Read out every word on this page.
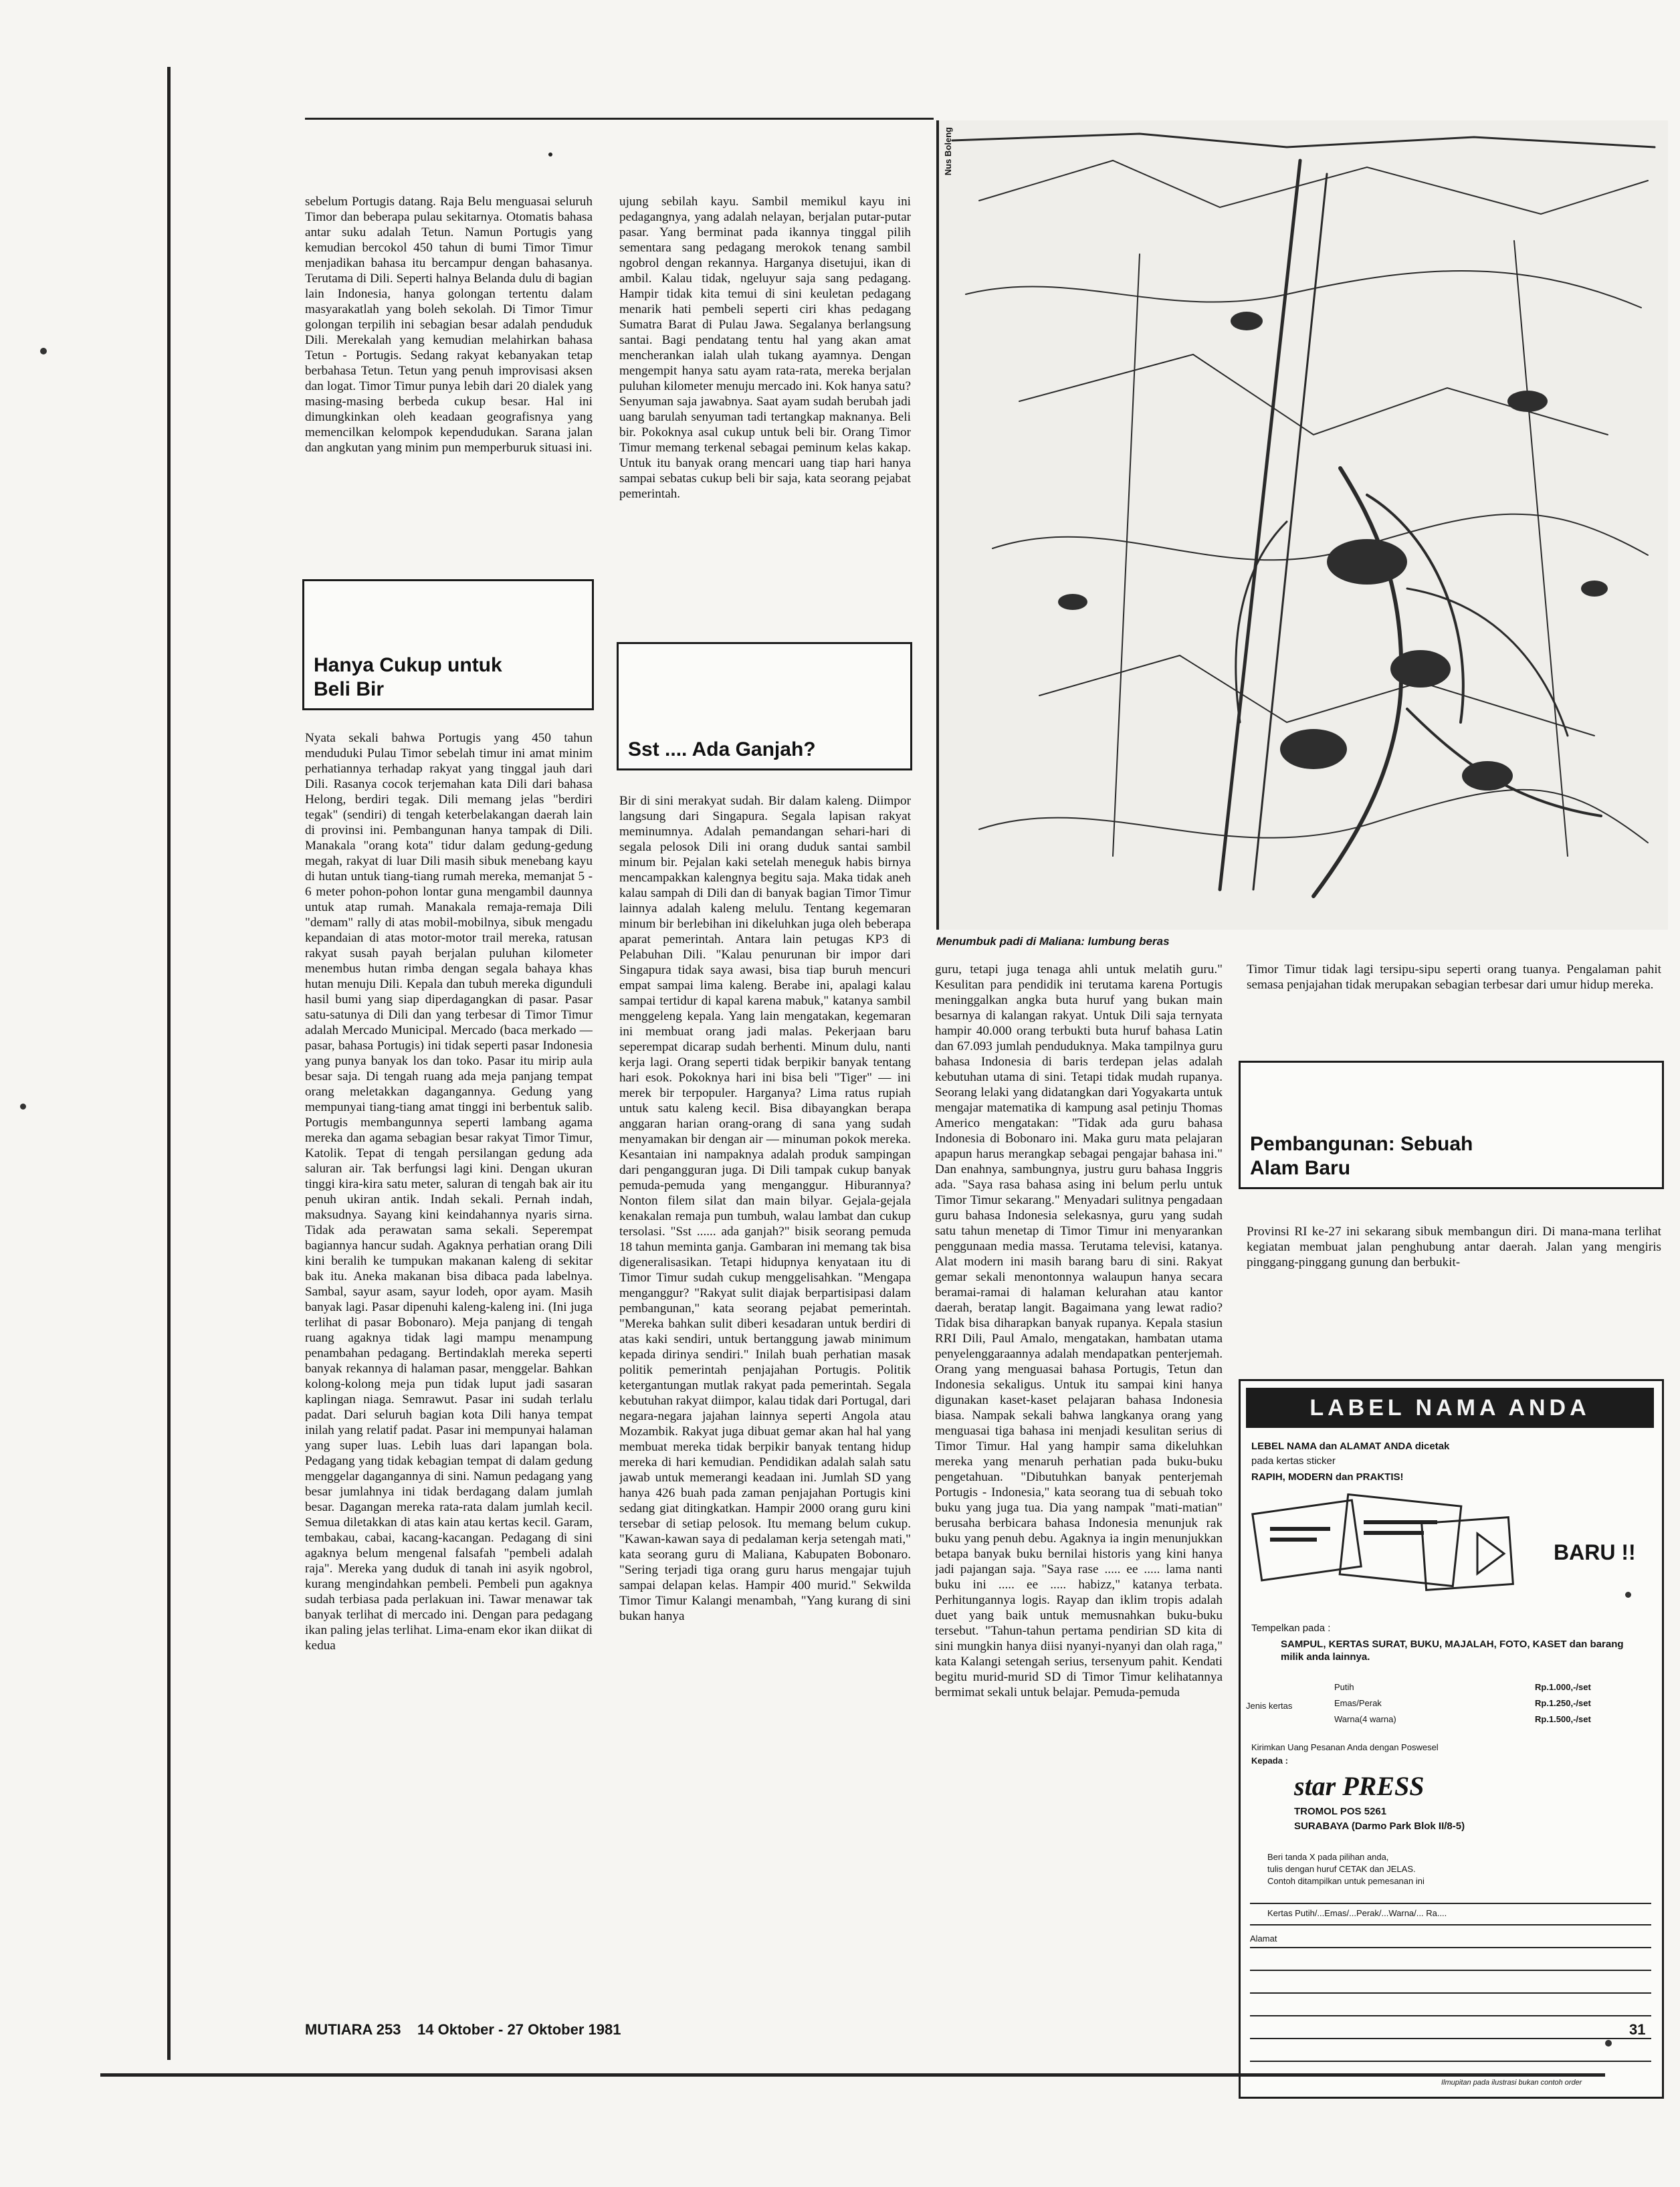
sebelum Portugis datang. Raja Belu menguasai seluruh Timor dan beberapa pulau sekitarnya. Otomatis bahasa antar suku adalah Tetun. Namun Portugis yang kemudian bercokol 450 tahun di bumi Timor Timur menjadikan bahasa itu bercampur dengan bahasanya. Terutama di Dili. Seperti halnya Belanda dulu di bagian lain Indonesia, hanya golongan tertentu dalam masyarakatlah yang boleh sekolah. Di Timor Timur golongan terpilih ini sebagian besar adalah penduduk Dili. Merekalah yang kemudian melahirkan bahasa Tetun - Portugis. Sedang rakyat kebanyakan tetap berbahasa Tetun. Tetun yang penuh improvisasi aksen dan logat. Timor Timur punya lebih dari 20 dialek yang masing-masing berbeda cukup besar. Hal ini dimungkinkan oleh keadaan geografisnya yang memencilkan kelompok kependudukan. Sarana jalan dan angkutan yang minim pun memperburuk situasi ini.

Hanya Cukup untuk
Beli Bir

Nyata sekali bahwa Portugis yang 450 tahun menduduki Pulau Timor sebelah timur ini amat minim perhatiannya terhadap rakyat yang tinggal jauh dari Dili. Rasanya cocok terjemahan kata Dili dari bahasa Helong, berdiri tegak. Dili memang jelas "berdiri tegak" (sendiri) di tengah keterbelakangan daerah lain di provinsi ini. Pembangunan hanya tampak di Dili. Manakala "orang kota" tidur dalam gedung-gedung megah, rakyat di luar Dili masih sibuk menebang kayu di hutan untuk tiang-tiang rumah mereka, memanjat 5 - 6 meter pohon-pohon lontar guna mengambil daunnya untuk atap rumah. Manakala remaja-remaja Dili "demam" rally di atas mobil-mobilnya, sibuk mengadu kepandaian di atas motor-motor trail mereka, ratusan rakyat susah payah berjalan puluhan kilometer menembus hutan rimba dengan segala bahaya khas hutan menuju Dili. Kepala dan tubuh mereka digunduli hasil bumi yang siap diperdagangkan di pasar. Pasar satu-satunya di Dili dan yang terbesar di Timor Timur adalah Mercado Municipal. Mercado (baca merkado — pasar, bahasa Portugis) ini tidak seperti pasar Indonesia yang punya banyak los dan toko. Pasar itu mirip aula besar saja. Di tengah ruang ada meja panjang tempat orang meletakkan dagangannya. Gedung yang mempunyai tiang-tiang amat tinggi ini berbentuk salib. Portugis membangunnya seperti lambang agama mereka dan agama sebagian besar rakyat Timor Timur, Katolik. Tepat di tengah persilangan gedung ada saluran air. Tak berfungsi lagi kini. Dengan ukuran tinggi kira-kira satu meter, saluran di tengah bak air itu penuh ukiran antik. Indah sekali. Pernah indah, maksudnya. Sayang kini keindahannya nyaris sirna. Tidak ada perawatan sama sekali. Seperempat bagiannya hancur sudah. Agaknya perhatian orang Dili kini beralih ke tumpukan makanan kaleng di sekitar bak itu. Aneka makanan bisa dibaca pada labelnya. Sambal, sayur asam, sayur lodeh, opor ayam. Masih banyak lagi. Pasar dipenuhi kaleng-kaleng ini. (Ini juga terlihat di pasar Bobonaro). Meja panjang di tengah ruang agaknya tidak lagi mampu menampung penambahan pedagang. Bertindaklah mereka seperti banyak rekannya di halaman pasar, menggelar. Bahkan kolong-kolong meja pun tidak luput jadi sasaran kaplingan niaga. Semrawut. Pasar ini sudah terlalu padat. Dari seluruh bagian kota Dili hanya tempat inilah yang relatif padat. Pasar ini mempunyai halaman yang super luas. Lebih luas dari lapangan bola. Pedagang yang tidak kebagian tempat di dalam gedung menggelar dagangannya di sini. Namun pedagang yang besar jumlahnya ini tidak berdagang dalam jumlah besar. Dagangan mereka rata-rata dalam jumlah kecil. Semua diletakkan di atas kain atau kertas kecil. Garam, tembakau, cabai, kacang-kacangan. Pedagang di sini agaknya belum mengenal falsafah "pembeli adalah raja". Mereka yang duduk di tanah ini asyik ngobrol, kurang mengindahkan pembeli. Pembeli pun agaknya sudah terbiasa pada perlakuan ini. Tawar menawar tak banyak terlihat di mercado ini. Dengan para pedagang ikan paling jelas terlihat. Lima-enam ekor ikan diikat di kedua

ujung sebilah kayu. Sambil memikul kayu ini pedagangnya, yang adalah nelayan, berjalan putar-putar pasar. Yang berminat pada ikannya tinggal pilih sementara sang pedagang merokok tenang sambil ngobrol dengan rekannya. Harganya disetujui, ikan di ambil. Kalau tidak, ngeluyur saja sang pedagang. Hampir tidak kita temui di sini keuletan pedagang menarik hati pembeli seperti ciri khas pedagang Sumatra Barat di Pulau Jawa. Segalanya berlangsung santai. Bagi pendatang tentu hal yang akan amat mencherankan ialah ulah tukang ayamnya. Dengan mengempit hanya satu ayam rata-rata, mereka berjalan puluhan kilometer menuju mercado ini. Kok hanya satu? Senyuman saja jawabnya. Saat ayam sudah berubah jadi uang barulah senyuman tadi tertangkap maknanya. Beli bir. Pokoknya asal cukup untuk beli bir. Orang Timor Timur memang terkenal sebagai peminum kelas kakap. Untuk itu banyak orang mencari uang tiap hari hanya sampai sebatas cukup beli bir saja, kata seorang pejabat pemerintah.

Sst .... Ada Ganjah?

Bir di sini merakyat sudah. Bir dalam kaleng. Diimpor langsung dari Singapura. Segala lapisan rakyat meminumnya. Adalah pemandangan sehari-hari di segala pelosok Dili ini orang duduk santai sambil minum bir. Pejalan kaki setelah meneguk habis birnya mencampakkan kalengnya begitu saja. Maka tidak aneh kalau sampah di Dili dan di banyak bagian Timor Timur lainnya adalah kaleng melulu. Tentang kegemaran minum bir berlebihan ini dikeluhkan juga oleh beberapa aparat pemerintah. Antara lain petugas KP3 di Pelabuhan Dili. "Kalau penurunan bir impor dari Singapura tidak saya awasi, bisa tiap buruh mencuri empat sampai lima kaleng. Berabe ini, apalagi kalau sampai tertidur di kapal karena mabuk," katanya sambil menggeleng kepala. Yang lain mengatakan, kegemaran ini membuat orang jadi malas. Pekerjaan baru seperempat dicarap sudah berhenti. Minum dulu, nanti kerja lagi. Orang seperti tidak berpikir banyak tentang hari esok. Pokoknya hari ini bisa beli "Tiger" — ini merek bir terpopuler. Harganya? Lima ratus rupiah untuk satu kaleng kecil. Bisa dibayangkan berapa anggaran harian orang-orang di sana yang sudah menyamakan bir dengan air — minuman pokok mereka. Kesantaian ini nampaknya adalah produk sampingan dari pengangguran juga. Di Dili tampak cukup banyak pemuda-pemuda yang menganggur. Hiburannya? Nonton filem silat dan main bilyar. Gejala-gejala kenakalan remaja pun tumbuh, walau lambat dan cukup tersolasi. "Sst ...... ada ganjah?" bisik seorang pemuda 18 tahun meminta ganja. Gambaran ini memang tak bisa digeneralisasikan. Tetapi hidupnya kenyataan itu di Timor Timur sudah cukup menggelisahkan. "Mengapa menganggur? "Rakyat sulit diajak berpartisipasi dalam pembangunan," kata seorang pejabat pemerintah. "Mereka bahkan sulit diberi kesadaran untuk berdiri di atas kaki sendiri, untuk bertanggung jawab minimum kepada dirinya sendiri." Inilah buah perhatian masak politik pemerintah penjajahan Portugis. Politik ketergantungan mutlak rakyat pada pemerintah. Segala kebutuhan rakyat diimpor, kalau tidak dari Portugal, dari negara-negara jajahan lainnya seperti Angola atau Mozambik. Rakyat juga dibuat gemar akan hal hal yang membuat mereka tidak berpikir banyak tentang hidup mereka di hari kemudian. Pendidikan adalah salah satu jawab untuk memerangi keadaan ini. Jumlah SD yang hanya 426 buah pada zaman penjajahan Portugis kini sedang giat ditingkatkan. Hampir 2000 orang guru kini tersebar di setiap pelosok. Itu memang belum cukup. "Kawan-kawan saya di pedalaman kerja setengah mati," kata seorang guru di Maliana, Kabupaten Bobonaro. "Sering terjadi tiga orang guru harus mengajar tujuh sampai delapan kelas. Hampir 400 murid." Sekwilda Timor Timur Kalangi menambah, "Yang kurang di sini bukan hanya

Nus Boleng
Menumbuk padi di Maliana: lumbung beras

guru, tetapi juga tenaga ahli untuk melatih guru." Kesulitan para pendidik ini terutama karena Portugis meninggalkan angka buta huruf yang bukan main besarnya di kalangan rakyat. Untuk Dili saja ternyata hampir 40.000 orang terbukti buta huruf bahasa Latin dan 67.093 jumlah penduduknya. Maka tampilnya guru bahasa Indonesia di baris terdepan jelas adalah kebutuhan utama di sini. Tetapi tidak mudah rupanya. Seorang lelaki yang didatangkan dari Yogyakarta untuk mengajar matematika di kampung asal petinju Thomas Americo mengatakan: "Tidak ada guru bahasa Indonesia di Bobonaro ini. Maka guru mata pelajaran apapun harus merangkap sebagai pengajar bahasa ini." Dan enahnya, sambungnya, justru guru bahasa Inggris ada. "Saya rasa bahasa asing ini belum perlu untuk Timor Timur sekarang." Menyadari sulitnya pengadaan guru bahasa Indonesia selekasnya, guru yang sudah satu tahun menetap di Timor Timur ini menyarankan penggunaan media massa. Terutama televisi, katanya. Alat modern ini masih barang baru di sini. Rakyat gemar sekali menontonnya walaupun hanya secara beramai-ramai di halaman kelurahan atau kantor daerah, beratap langit. Bagaimana yang lewat radio? Tidak bisa diharapkan banyak rupanya. Kepala stasiun RRI Dili, Paul Amalo, mengatakan, hambatan utama penyelenggaraannya adalah mendapatkan penterjemah. Orang yang menguasai bahasa Portugis, Tetun dan Indonesia sekaligus. Untuk itu sampai kini hanya digunakan kaset-kaset pelajaran bahasa Indonesia biasa. Nampak sekali bahwa langkanya orang yang menguasai tiga bahasa ini menjadi kesulitan serius di Timor Timur. Hal yang hampir sama dikeluhkan mereka yang menaruh perhatian pada buku-buku pengetahuan. "Dibutuhkan banyak penterjemah Portugis - Indonesia," kata seorang tua di sebuah toko buku yang juga tua. Dia yang nampak "mati-matian" berusaha berbicara bahasa Indonesia menunjuk rak buku yang penuh debu. Agaknya ia ingin menunjukkan betapa banyak buku bernilai historis yang kini hanya jadi pajangan saja. "Saya rase ..... ee ..... lama nanti buku ini ..... ee ..... habizz," katanya terbata. Perhitungannya logis. Rayap dan iklim tropis adalah duet yang baik untuk memusnahkan buku-buku tersebut. "Tahun-tahun pertama pendirian SD kita di sini mungkin hanya diisi nyanyi-nyanyi dan olah raga," kata Kalangi setengah serius, tersenyum pahit. Kendati begitu murid-murid SD di Timor Timur kelihatannya bermimat sekali untuk belajar. Pemuda-pemuda

Timor Timur tidak lagi tersipu-sipu seperti orang tuanya. Pengalaman pahit semasa penjajahan tidak merupakan sebagian terbesar dari umur hidup mereka.

Pembangunan: Sebuah
Alam Baru

Provinsi RI ke-27 ini sekarang sibuk membangun diri. Di mana-mana terlihat kegiatan membuat jalan penghubung antar daerah. Jalan yang mengiris pinggang-pinggang gunung dan berbukit-

LABEL NAMA ANDA
LEBEL NAMA dan ALAMAT ANDA dicetak
pada kertas sticker
RAPIH, MODERN dan PRAKTIS!
BARU !!
Tempelkan pada :
SAMPUL, KERTAS SURAT, BUKU, MAJALAH, FOTO, KASET dan barang milik anda lainnya.
Jenis kertas
Putih	Rp.1.000,-/set
Emas/Perak	Rp.1.250,-/set
Warna(4 warna)	Rp.1.500,-/set
Kirimkan Uang Pesanan Anda dengan Poswesel
Kepada :
star PRESS
TROMOL POS 5261
SURABAYA (Darmo Park Blok II/8-5)
Beri tanda X pada pilihan anda,
tulis dengan huruf CETAK dan JELAS.
Contoh ditampilkan untuk pemesanan ini
Kertas Putih/...Emas/...Perak/...Warna/... Ra....
Alamat
Ilmupitan pada ilustrasi bukan contoh order
MUTIARA 253 14 Oktober - 27 Oktober 1981	31
